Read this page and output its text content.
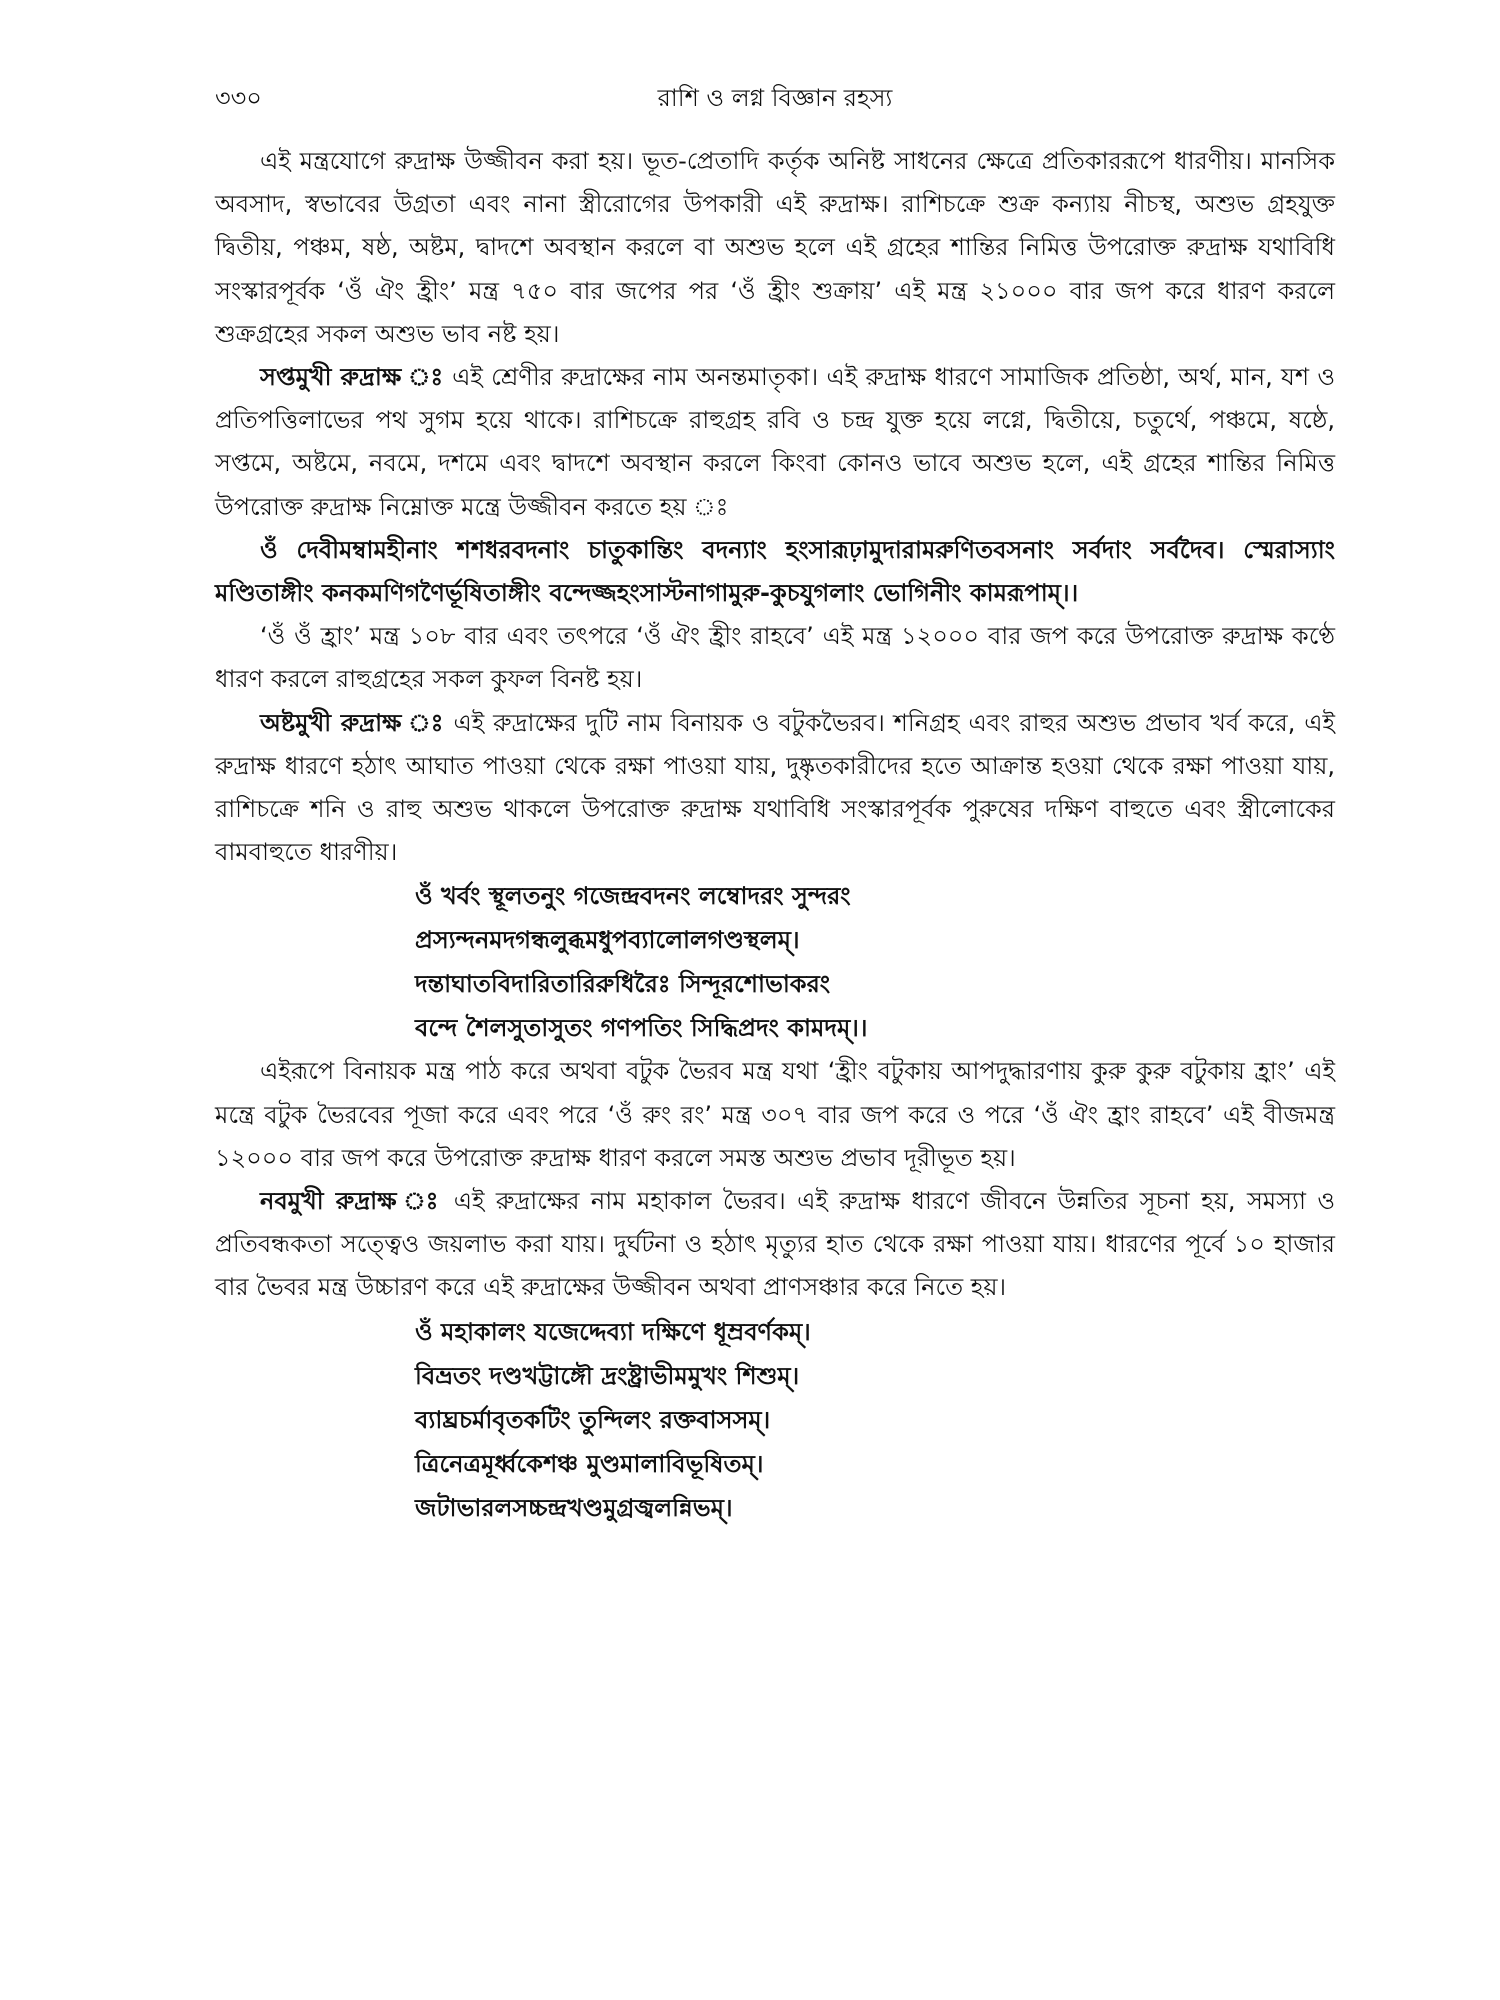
৩৩০	রাশি ও লগ্ন বিজ্ঞান রহস্য

এই মন্ত্রযোগে রুদ্রাক্ষ উজ্জীবন করা হয়। ভূত-প্রেতাদি কর্তৃক অনিষ্ট সাধনের ক্ষেত্রে প্রতিকাররূপে ধারণীয়। মানসিক অবসাদ, স্বভাবের উগ্রতা এবং নানা স্ত্রীরোগের উপকারী এই রুদ্রাক্ষ। রাশিচক্রে শুক্র কন্যায় নীচস্থ, অশুভ গ্রহযুক্ত দ্বিতীয়, পঞ্চম, ষষ্ঠ, অষ্টম, দ্বাদশে অবস্থান করলে বা অশুভ হলে এই গ্রহের শান্তির নিমিত্ত উপরোক্ত রুদ্রাক্ষ যথাবিধি সংস্কারপূর্বক ‘ওঁ ঐং হ্রীং’ মন্ত্র ৭৫০ বার জপের পর ‘ওঁ হ্রীং শুক্রায়’ এই মন্ত্র ২১০০০ বার জপ করে ধারণ করলে শুক্রগ্রহের সকল অশুভ ভাব নষ্ট হয়।

সপ্তমুখী রুদ্রাক্ষ ঃ এই শ্রেণীর রুদ্রাক্ষের নাম অনন্তমাতৃকা। এই রুদ্রাক্ষ ধারণে সামাজিক প্রতিষ্ঠা, অর্থ, মান, যশ ও প্রতিপত্তিলাভের পথ সুগম হয়ে থাকে। রাশিচক্রে রাহুগ্রহ রবি ও চন্দ্র যুক্ত হয়ে লগ্নে, দ্বিতীয়ে, চতুর্থে, পঞ্চমে, ষষ্ঠে, সপ্তমে, অষ্টমে, নবমে, দশমে এবং দ্বাদশে অবস্থান করলে কিংবা কোনও ভাবে অশুভ হলে, এই গ্রহের শান্তির নিমিত্ত উপরোক্ত রুদ্রাক্ষ নিম্নোক্ত মন্ত্রে উজ্জীবন করতে হয় ঃ

ওঁ দেবীমম্বামহীনাং শশধরবদনাং চাতুকান্তিং বদন্যাং হংসারূঢ়ামুদারামরুণিতবসনাং সর্বদাং সর্বদৈব। স্মেরাস্যাং মণ্ডিতাঙ্গীং কনকমণিগণৈর্ভূষিতাঙ্গীং বন্দেজ্জহংসাস্টনাগামুরু-কুচযুগলাং ভোগিনীং কামরূপাম্।।

‘ওঁ ওঁ হ্রাং’ মন্ত্র ১০৮ বার এবং তৎপরে ‘ওঁ ঐং হ্রীং রাহবে’ এই মন্ত্র ১২০০০ বার জপ করে উপরোক্ত রুদ্রাক্ষ কণ্ঠে ধারণ করলে রাহুগ্রহের সকল কুফল বিনষ্ট হয়।

অষ্টমুখী রুদ্রাক্ষ ঃ এই রুদ্রাক্ষের দুটি নাম বিনায়ক ও বটুকভৈরব। শনিগ্রহ এবং রাহুর অশুভ প্রভাব খর্ব করে, এই রুদ্রাক্ষ ধারণে হঠাৎ আঘাত পাওয়া থেকে রক্ষা পাওয়া যায়, দুষ্কৃতকারীদের হতে আক্রান্ত হওয়া থেকে রক্ষা পাওয়া যায়, রাশিচক্রে শনি ও রাহু অশুভ থাকলে উপরোক্ত রুদ্রাক্ষ যথাবিধি সংস্কারপূর্বক পুরুষের দক্ষিণ বাহুতে এবং স্ত্রীলোকের বামবাহুতে ধারণীয়।

ওঁ খর্বং স্থূলতনুং গজেন্দ্রবদনং লম্বোদরং সুন্দরং
প্রস্যন্দনমদগন্ধলুব্ধমধুপব্যালোলগণ্ডস্থলম্।
দন্তাঘাতবিদারিতারিরুধিরৈঃ সিন্দূরশোভাকরং
বন্দে শৈলসুতাসুতং গণপতিং সিদ্ধিপ্রদং কামদম্।।

এইরূপে বিনায়ক মন্ত্র পাঠ করে অথবা বটুক ভৈরব মন্ত্র যথা ‘হ্রীং বটুকায় আপদুদ্ধারণায় কুরু কুরু বটুকায় হ্রাং’ এই মন্ত্রে বটুক ভৈরবের পূজা করে এবং পরে ‘ওঁ রুং রং’ মন্ত্র ৩০৭ বার জপ করে ও পরে ‘ওঁ ঐং হ্রাং রাহবে’ এই বীজমন্ত্র ১২০০০ বার জপ করে উপরোক্ত রুদ্রাক্ষ ধারণ করলে সমস্ত অশুভ প্রভাব দূরীভূত হয়।

নবমুখী রুদ্রাক্ষ ঃ এই রুদ্রাক্ষের নাম মহাকাল ভৈরব। এই রুদ্রাক্ষ ধারণে জীবনে উন্নতির সূচনা হয়, সমস্যা ও প্রতিবন্ধকতা সত্ত্বেও জয়লাভ করা যায়। দুর্ঘটনা ও হঠাৎ মৃত্যুর হাত থেকে রক্ষা পাওয়া যায়। ধারণের পূর্বে ১০ হাজার বার ভৈবর মন্ত্র উচ্চারণ করে এই রুদ্রাক্ষের উজ্জীবন অথবা প্রাণসঞ্চার করে নিতে হয়।

ওঁ মহাকালং যজেদ্দেব্যা দক্ষিণে ধূম্রবর্ণকম্।
বিভ্রতং দণ্ডখট্টাঙ্গৌ দ্রংষ্ট্রাভীমমুখং শিশুম্।
ব্যাঘ্রচর্মাবৃতকটিং তুন্দিলং রক্তবাসসম্।
ত্রিনেত্রমূর্ধ্বকেশঞ্চ মুণ্ডমালাবিভূষিতম্।
জটাভারলসচ্চন্দ্রখণ্ডমুগ্রজ্বলন্নিভম্।
